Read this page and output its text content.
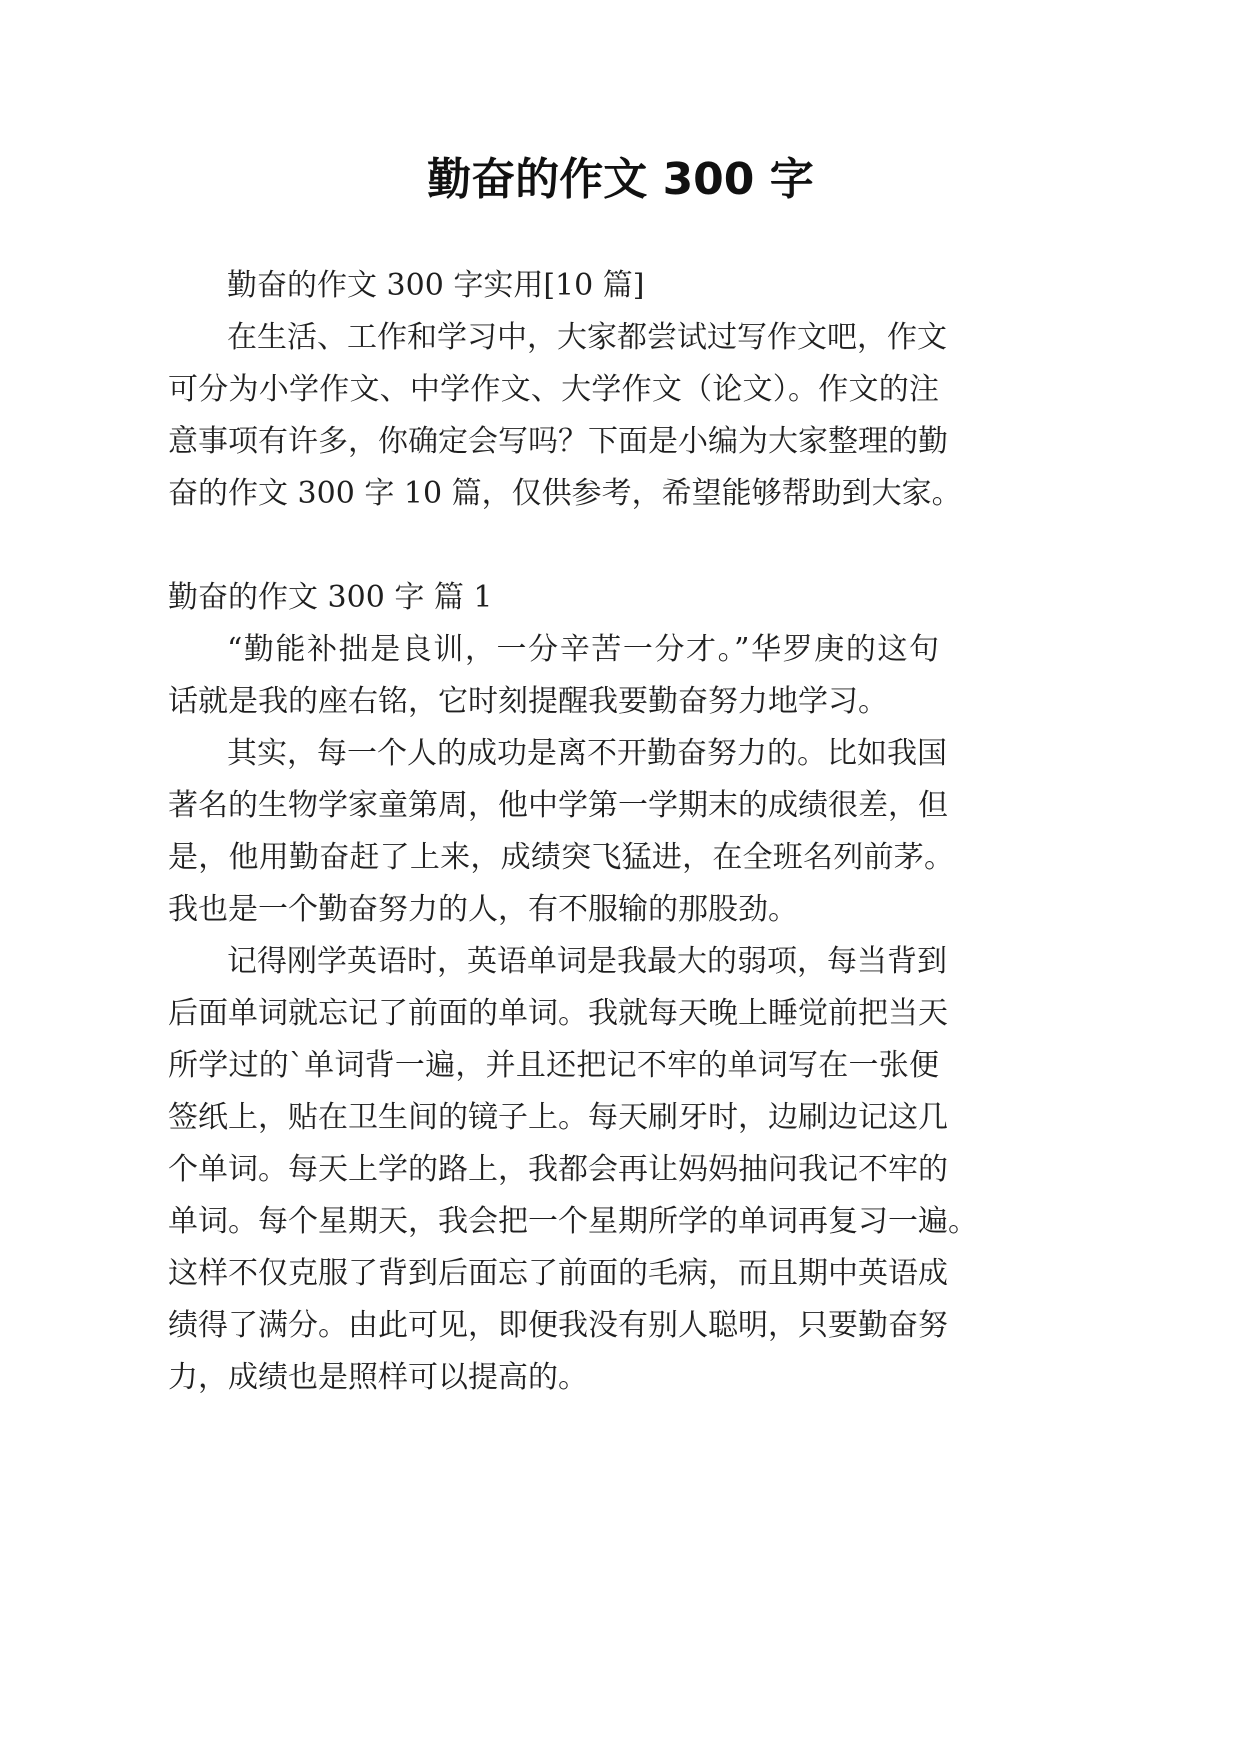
勤奋的作文 300 字
勤奋的作文 300 字实用[10 篇]
在生活、工作和学习中，大家都尝试过写作文吧，作文
可分为小学作文、中学作文、大学作文（论文）。作文的注
意事项有许多，你确定会写吗？下面是小编为大家整理的勤
奋的作文 300 字 10 篇，仅供参考，希望能够帮助到大家。
勤奋的作文 300 字 篇 1
“勤能补拙是良训，一分辛苦一分才。”华罗庚的这句
话就是我的座右铭，它时刻提醒我要勤奋努力地学习。
其实，每一个人的成功是离不开勤奋努力的。比如我国
著名的生物学家童第周，他中学第一学期末的成绩很差，但
是，他用勤奋赶了上来，成绩突飞猛进，在全班名列前茅。
我也是一个勤奋努力的人，有不服输的那股劲。
记得刚学英语时，英语单词是我最大的弱项，每当背到
后面单词就忘记了前面的单词。我就每天晚上睡觉前把当天
所学过的`单词背一遍，并且还把记不牢的单词写在一张便
签纸上，贴在卫生间的镜子上。每天刷牙时，边刷边记这几
个单词。每天上学的路上，我都会再让妈妈抽问我记不牢的
单词。每个星期天，我会把一个星期所学的单词再复习一遍。
这样不仅克服了背到后面忘了前面的毛病，而且期中英语成
绩得了满分。由此可见，即便我没有别人聪明，只要勤奋努
力，成绩也是照样可以提高的。
